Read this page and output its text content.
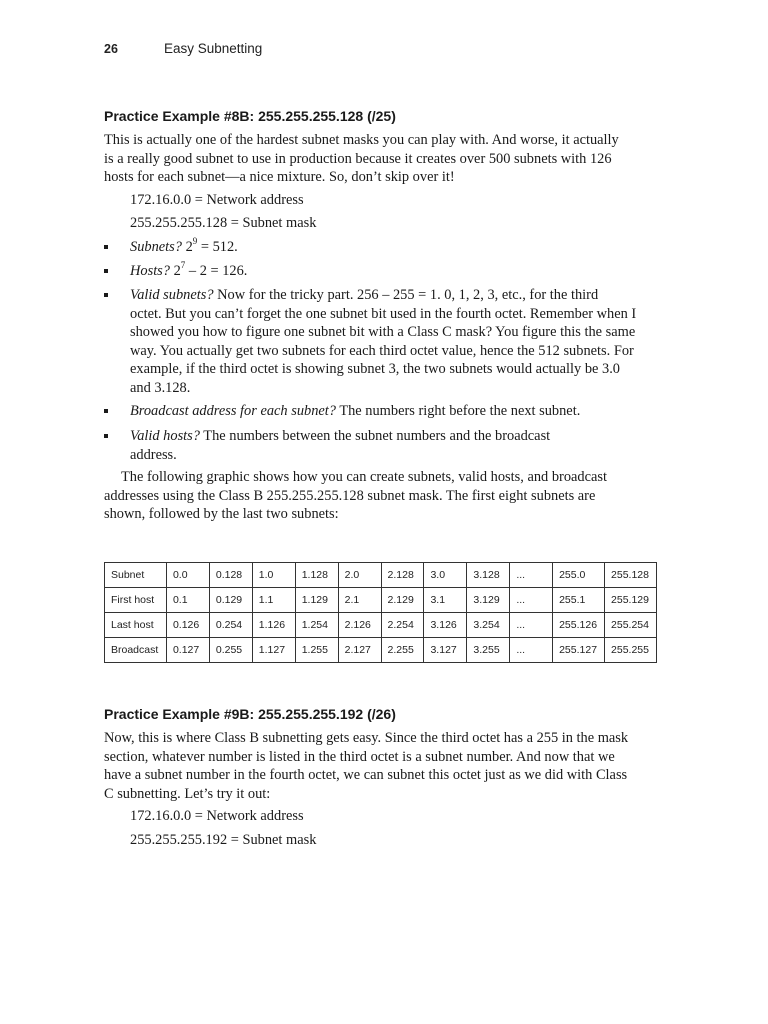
26	Easy Subnetting
Practice Example #8B: 255.255.255.128 (/25)
This is actually one of the hardest subnet masks you can play with. And worse, it actually
is a really good subnet to use in production because it creates over 500 subnets with 126
hosts for each subnet—a nice mixture. So, don’t skip over it!
172.16.0.0 = Network address
255.255.255.128 = Subnet mask
Subnets? $2^9 = 512$.
Hosts? $2^7 - 2 = 126$.
Valid subnets? Now for the tricky part. 256 – 255 = 1. 0, 1, 2, 3, etc., for the third
octet. But you can’t forget the one subnet bit used in the fourth octet. Remember when I
showed you how to figure one subnet bit with a Class C mask? You figure this the same
way. You actually get two subnets for each third octet value, hence the 512 subnets. For
example, if the third octet is showing subnet 3, the two subnets would actually be 3.0
and 3.128.
Broadcast address for each subnet? The numbers right before the next subnet.
Valid hosts? The numbers between the subnet numbers and the broadcast
address.
The following graphic shows how you can create subnets, valid hosts, and broadcast
addresses using the Class B 255.255.255.128 subnet mask. The first eight subnets are
shown, followed by the last two subnets:
Subnet	0.0	0.128	1.0	1.128	2.0	2.128	3.0	3.128	...	255.0	255.128
First host	0.1	0.129	1.1	1.129	2.1	2.129	3.1	3.129	...	255.1	255.129
Last host	0.126	0.254	1.126	1.254	2.126	2.254	3.126	3.254	...	255.126	255.254
Broadcast	0.127	0.255	1.127	1.255	2.127	2.255	3.127	3.255	...	255.127	255.255
Practice Example #9B: 255.255.255.192 (/26)
Now, this is where Class B subnetting gets easy. Since the third octet has a 255 in the mask
section, whatever number is listed in the third octet is a subnet number. And now that we
have a subnet number in the fourth octet, we can subnet this octet just as we did with Class
C subnetting. Let’s try it out:
172.16.0.0 = Network address
255.255.255.192 = Subnet mask
